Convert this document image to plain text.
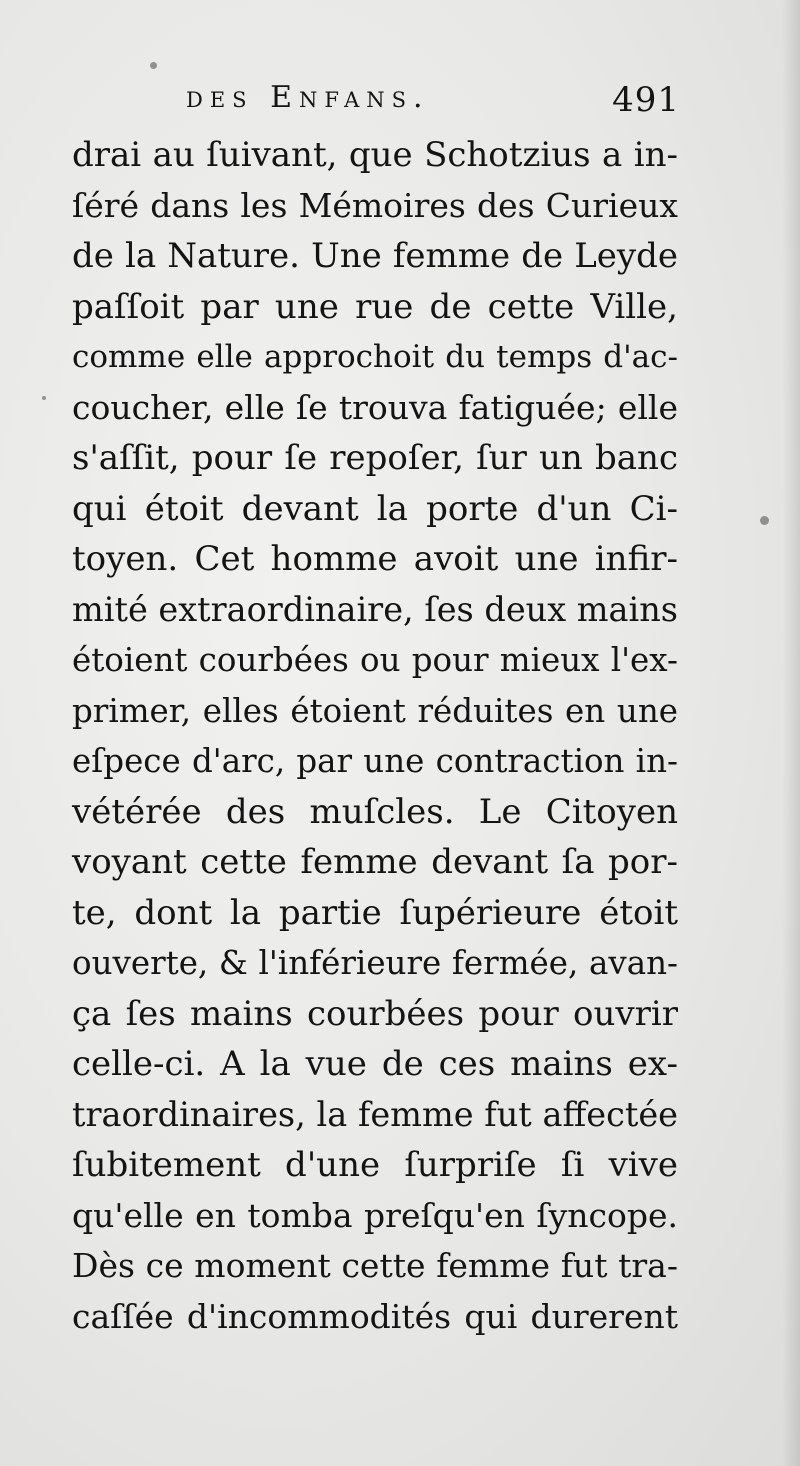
des Enfans.	491
drai au ſuivant, que Schotzius a in-
ſéré dans les Mémoires des Curieux
de la Nature. Une femme de Leyde
paſſoit par une rue de cette Ville,
comme elle approchoit du temps d'ac-
coucher, elle ſe trouva fatiguée; elle
s'aſſit, pour ſe repoſer, ſur un banc
qui étoit devant la porte d'un Ci-
toyen. Cet homme avoit une infir-
mité extraordinaire, ſes deux mains
étoient courbées ou pour mieux l'ex-
primer, elles étoient réduites en une
eſpece d'arc, par une contraction in-
vétérée des muſcles. Le Citoyen
voyant cette femme devant ſa por-
te, dont la partie ſupérieure étoit
ouverte, & l'inférieure fermée, avan-
ça ſes mains courbées pour ouvrir
celle-ci. A la vue de ces mains ex-
traordinaires, la femme fut affectée
ſubitement d'une ſurpriſe ſi vive
qu'elle en tomba preſqu'en ſyncope.
Dès ce moment cette femme fut tra-
caſſée d'incommodités qui durerent
